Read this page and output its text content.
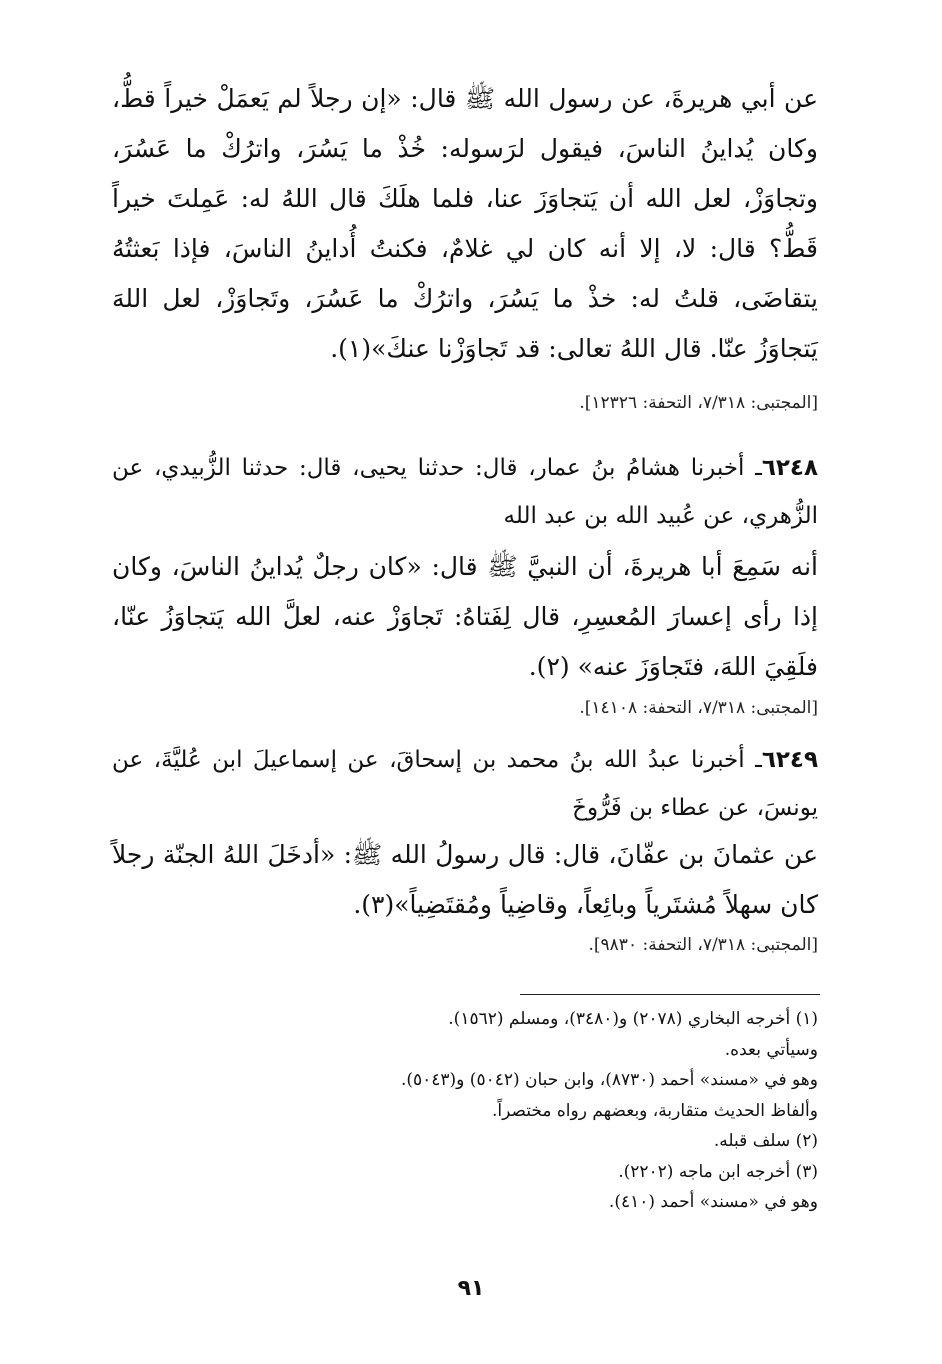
عن أبي هريرةَ، عن رسول الله ﷺ قال: «إن رجلاً لم يَعمَلْ خيراً قطُّ، وكان يُداينُ الناسَ، فيقول لرَسوله: خُذْ ما يَسُرَ، واترُكْ ما عَسُرَ، وتجاوَزْ، لعل الله أن يَتجاوَزَ عنا، فلما هلَكَ قال اللهُ له: عَمِلتَ خيراً قَطُّ؟ قال: لا، إلا أنه كان لي غلامٌ، فكنتُ أُداينُ الناسَ، فإذا بَعثتُهُ يتقاضَى، قلتُ له: خذْ ما يَسُرَ، واترُكْ ما عَسُرَ، وتَجاوَزْ، لعل اللهَ يَتجاوَزُ عنّا. قال اللهُ تعالى: قد تَجاوَزْنا عنكَ»(١).

[المجتبى: ٧/٣١٨، التحفة: ١٢٣٢٦].

٦٢٤٨ـ أخبرنا هشامُ بنُ عمار، قال: حدثنا يحيى، قال: حدثنا الزُّبيدي، عن الزُّهري، عن عُبيد الله بن عبد الله

أنه سَمِعَ أبا هريرةَ، أن النبيَّ ﷺ قال: «كان رجلٌ يُداينُ الناسَ، وكان إذا رأى إعسارَ المُعسِرِ، قال لِفَتاهُ: تَجاوَزْ عنه، لعلَّ الله يَتجاوَزُ عنّا، فلَقِيَ اللهَ، فتَجاوَزَ عنه» (٢).

[المجتبى: ٧/٣١٨، التحفة: ١٤١٠٨].

٦٢٤٩ـ أخبرنا عبدُ الله بنُ محمد بن إسحاقَ، عن إسماعيلَ ابن عُليَّةَ، عن يونسَ، عن عطاء بن فَرُّوخَ

عن عثمانَ بن عفّانَ، قال: قال رسولُ الله ﷺ: «أدخَلَ اللهُ الجنّة رجلاً كان سهلاً مُشتَرياً وبائِعاً، وقاضِياً ومُقتَضِياً»(٣).

[المجتبى: ٧/٣١٨، التحفة: ٩٨٣٠].
(١) أخرجه البخاري (٢٠٧٨) و(٣٤٨٠)، ومسلم (١٥٦٢).
وسيأتي بعده.
وهو في «مسند» أحمد (٨٧٣٠)، وابن حبان (٥٠٤٢) و(٥٠٤٣).
وألفاظ الحديث متقاربة، وبعضهم رواه مختصراً.
(٢) سلف قبله.
(٣) أخرجه ابن ماجه (٢٢٠٢).
وهو في «مسند» أحمد (٤١٠).
٩١
